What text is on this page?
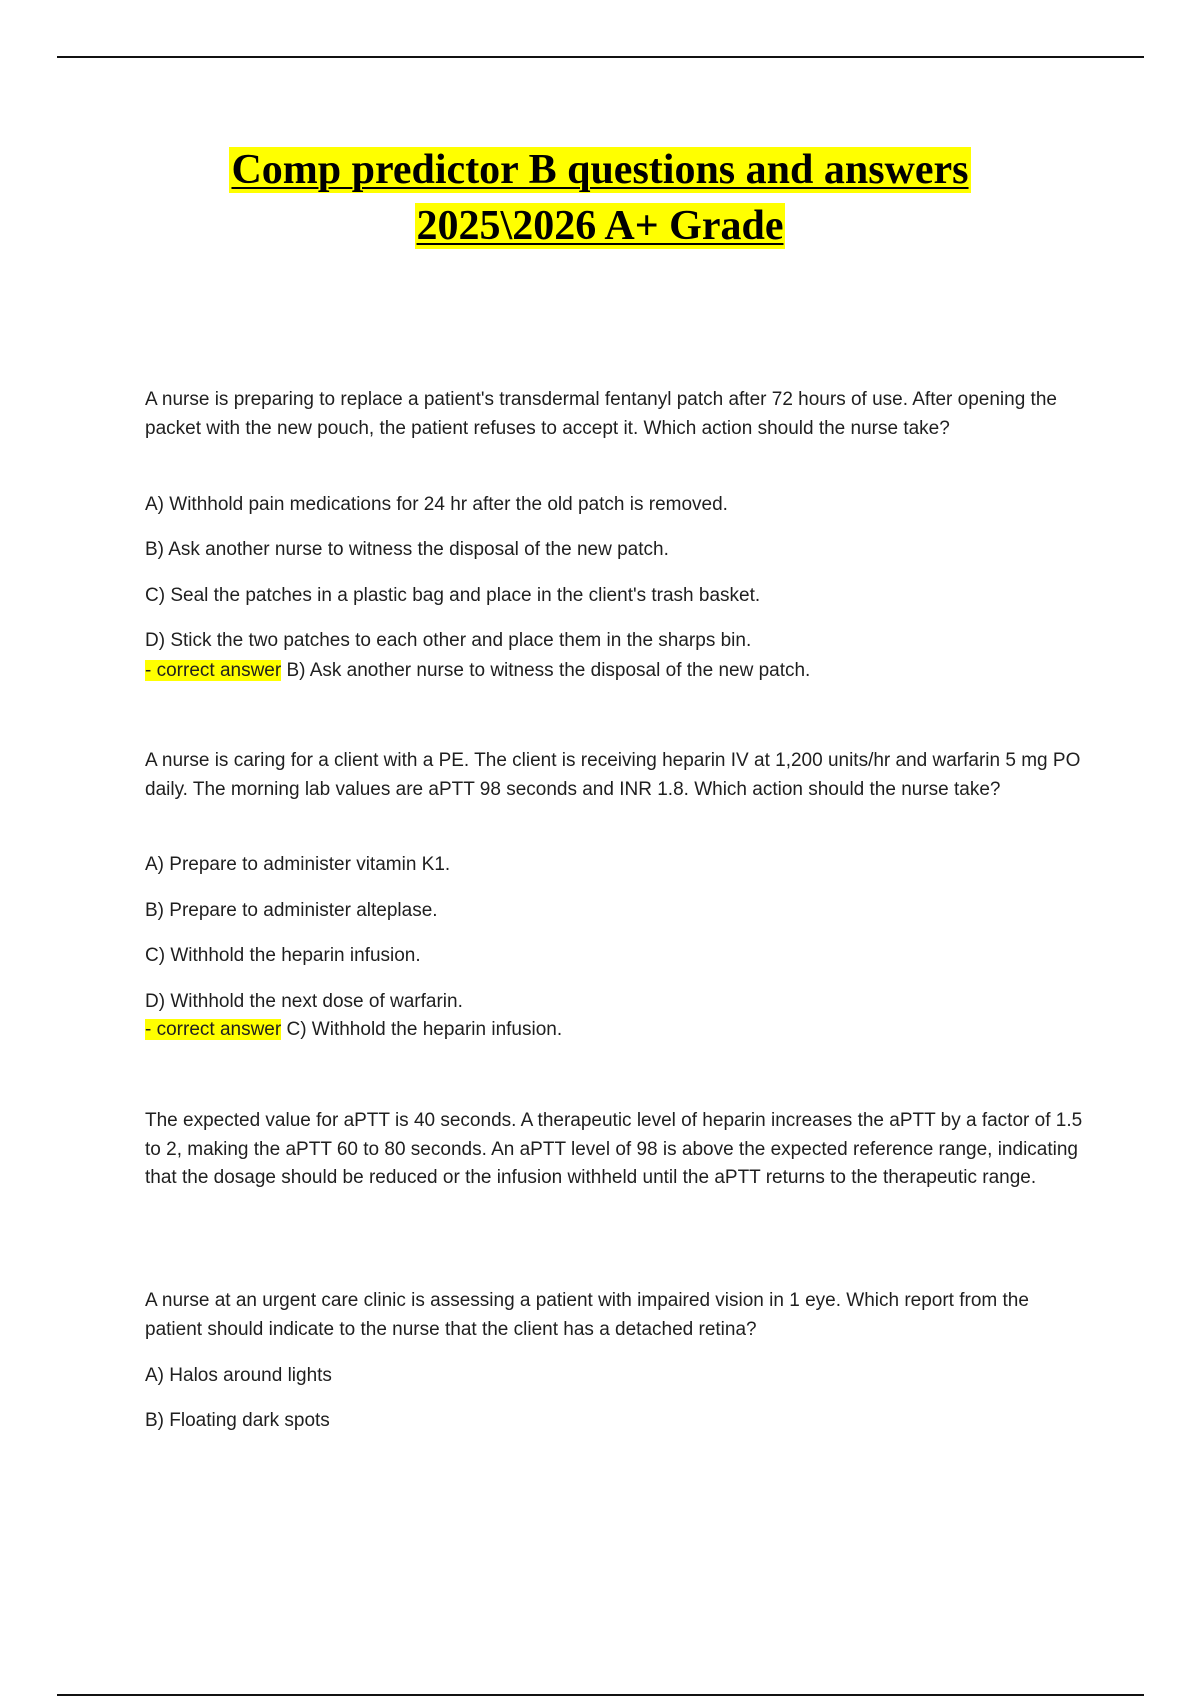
Comp predictor B questions and answers
2025\2026 A+ Grade

A nurse is preparing to replace a patient's transdermal fentanyl patch after 72 hours of use. After opening the packet with the new pouch, the patient refuses to accept it. Which action should the nurse take?

A) Withhold pain medications for 24 hr after the old patch is removed.

B) Ask another nurse to witness the disposal of the new patch.

C) Seal the patches in a plastic bag and place in the client's trash basket.

D) Stick the two patches to each other and place them in the sharps bin.

- correct answer B) Ask another nurse to witness the disposal of the new patch.

A nurse is caring for a client with a PE. The client is receiving heparin IV at 1,200 units/hr and warfarin 5 mg PO daily. The morning lab values are aPTT 98 seconds and INR 1.8. Which action should the nurse take?

A) Prepare to administer vitamin K1.

B) Prepare to administer alteplase.

C) Withhold the heparin infusion.

D) Withhold the next dose of warfarin.

- correct answer C) Withhold the heparin infusion.

The expected value for aPTT is 40 seconds. A therapeutic level of heparin increases the aPTT by a factor of 1.5 to 2, making the aPTT 60 to 80 seconds. An aPTT level of 98 is above the expected reference range, indicating that the dosage should be reduced or the infusion withheld until the aPTT returns to the therapeutic range.

A nurse at an urgent care clinic is assessing a patient with impaired vision in 1 eye. Which report from the patient should indicate to the nurse that the client has a detached retina?

A) Halos around lights

B) Floating dark spots
